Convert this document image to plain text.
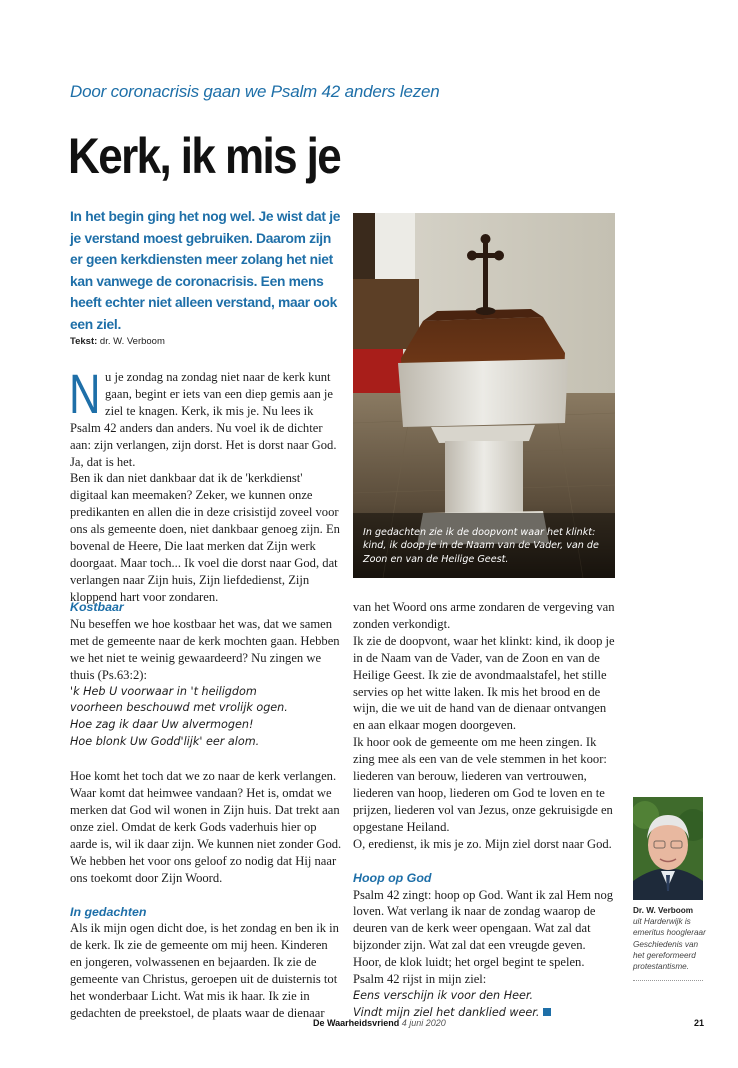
Door coronacrisis gaan we Psalm 42 anders lezen
Kerk, ik mis je
In het begin ging het nog wel. Je wist dat je je verstand moest gebruiken. Daarom zijn er geen kerkdiensten meer zolang het niet kan vanwege de coronacrisis. Een mens heeft echter niet alleen verstand, maar ook een ziel.
Tekst: dr. W. Verboom

Nu je zondag na zondag niet naar de kerk kunt gaan, begint er iets van een diep gemis aan je ziel te knagen. Kerk, ik mis je. Nu lees ik Psalm 42 anders dan anders. Nu voel ik de dichter aan: zijn verlangen, zijn dorst. Het is dorst naar God. Ja, dat is het.

Ben ik dan niet dankbaar dat ik de 'kerkdienst' digitaal kan meemaken? Zeker, we kunnen onze predikanten en allen die in deze crisistijd zoveel voor ons als gemeente doen, niet dankbaar genoeg zijn. En bovenal de Heere, Die laat merken dat Zijn werk doorgaat. Maar toch... Ik voel die dorst naar God, dat verlangen naar Zijn huis, Zijn liefdedienst, Zijn kloppend hart voor zondaren.

Kostbaar

Nu beseffen we hoe kostbaar het was, dat we samen met de gemeente naar de kerk mochten gaan. Hebben we het niet te weinig gewaardeerd? Nu zingen we thuis (Ps.63:2):

'k Heb U voorwaar in 't heiligdom

voorheen beschouwd met vrolijk ogen.

Hoe zag ik daar Uw alvermogen!

Hoe blonk Uw Godd'lijk' eer alom.

Hoe komt het toch dat we zo naar de kerk verlangen. Waar komt dat heimwee vandaan? Het is, omdat we merken dat God wil wonen in Zijn huis. Dat trekt aan onze ziel. Omdat de kerk Gods vaderhuis hier op aarde is, wil ik daar zijn. We kunnen niet zonder God. We hebben het voor ons geloof zo nodig dat Hij naar ons toekomt door Zijn Woord.

In gedachten

Als ik mijn ogen dicht doe, is het zondag en ben ik in de kerk. Ik zie de gemeente om mij heen. Kinderen en jongeren, volwassenen en bejaarden. Ik zie de gemeente van Christus, geroepen uit de duisternis tot het wonderbaar Licht. Wat mis ik haar. Ik zie in gedachten de preekstoel, de plaats waar de dienaar

In gedachten zie ik de doopvont waar het klinkt: kind, ik doop je in de Naam van de Vader, van de Zoon en van de Heilige Geest.

van het Woord ons arme zondaren de vergeving van zonden verkondigt.

Ik zie de doopvont, waar het klinkt: kind, ik doop je in de Naam van de Vader, van de Zoon en van de Heilige Geest. Ik zie de avondmaalstafel, het stille servies op het witte laken. Ik mis het brood en de wijn, die we uit de hand van de dienaar ontvangen en aan elkaar mogen doorgeven.

Ik hoor ook de gemeente om me heen zingen. Ik zing mee als een van de vele stemmen in het koor: liederen van berouw, liederen van vertrouwen, liederen van hoop, liederen om God te loven en te prijzen, liederen vol van Jezus, onze gekruisigde en opgestane Heiland.

O, eredienst, ik mis je zo. Mijn ziel dorst naar God.

Hoop op God

Psalm 42 zingt: hoop op God. Want ik zal Hem nog loven. Wat verlang ik naar de zondag waarop de deuren van de kerk weer opengaan. Wat zal dat bijzonder zijn. Wat zal dat een vreugde geven.

Hoor, de klok luidt; het orgel begint te spelen. Psalm 42 rijst in mijn ziel:

Eens verschijn ik voor den Heer.

Vindt mijn ziel het danklied weer.

Dr. W. Verboom
uit Harderwijk is emeritus hoogleraar Geschiedenis van het gereformeerd protestantisme.
De Waarheidsvriend 4 juni 2020	21
